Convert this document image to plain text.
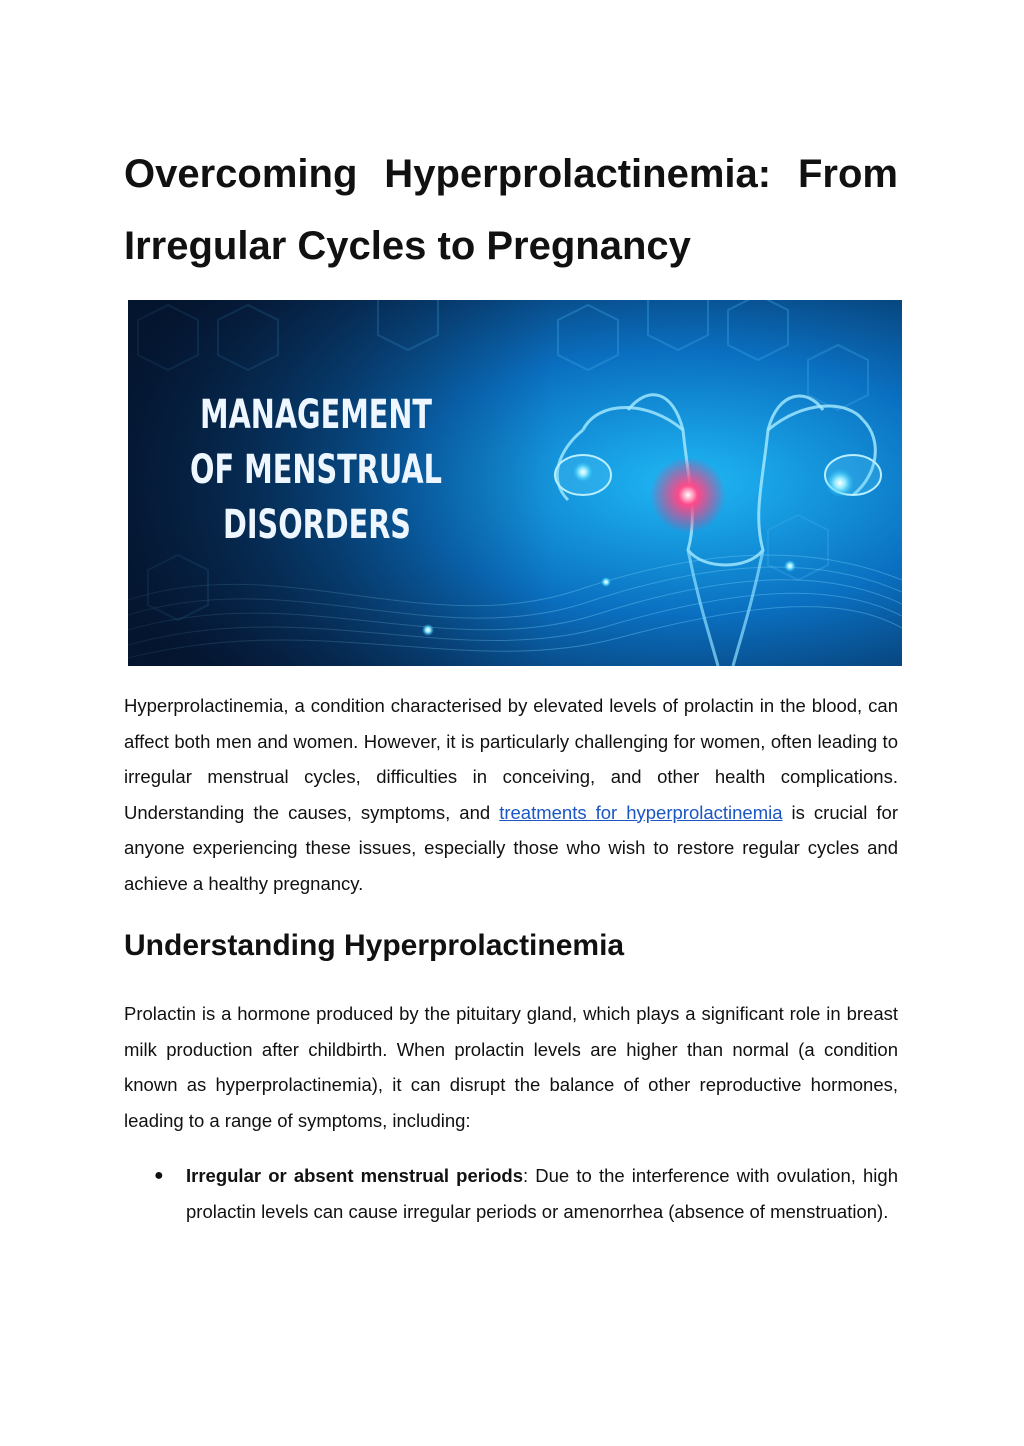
Overcoming Hyperprolactinemia: From Irregular Cycles to Pregnancy
MANAGEMENT
OF MENSTRUAL
DISORDERS

Hyperprolactinemia, a condition characterised by elevated levels of prolactin in the blood, can affect both men and women. However, it is particularly challenging for women, often leading to irregular menstrual cycles, difficulties in conceiving, and other health complications. Understanding the causes, symptoms, and treatments for hyperprolactinemia is crucial for anyone experiencing these issues, especially those who wish to restore regular cycles and achieve a healthy pregnancy.

Understanding Hyperprolactinemia

Prolactin is a hormone produced by the pituitary gland, which plays a significant role in breast milk production after childbirth. When prolactin levels are higher than normal (a condition known as hyperprolactinemia), it can disrupt the balance of other reproductive hormones, leading to a range of symptoms, including:

● Irregular or absent menstrual periods: Due to the interference with ovulation, high prolactin levels can cause irregular periods or amenorrhea (absence of menstruation).
